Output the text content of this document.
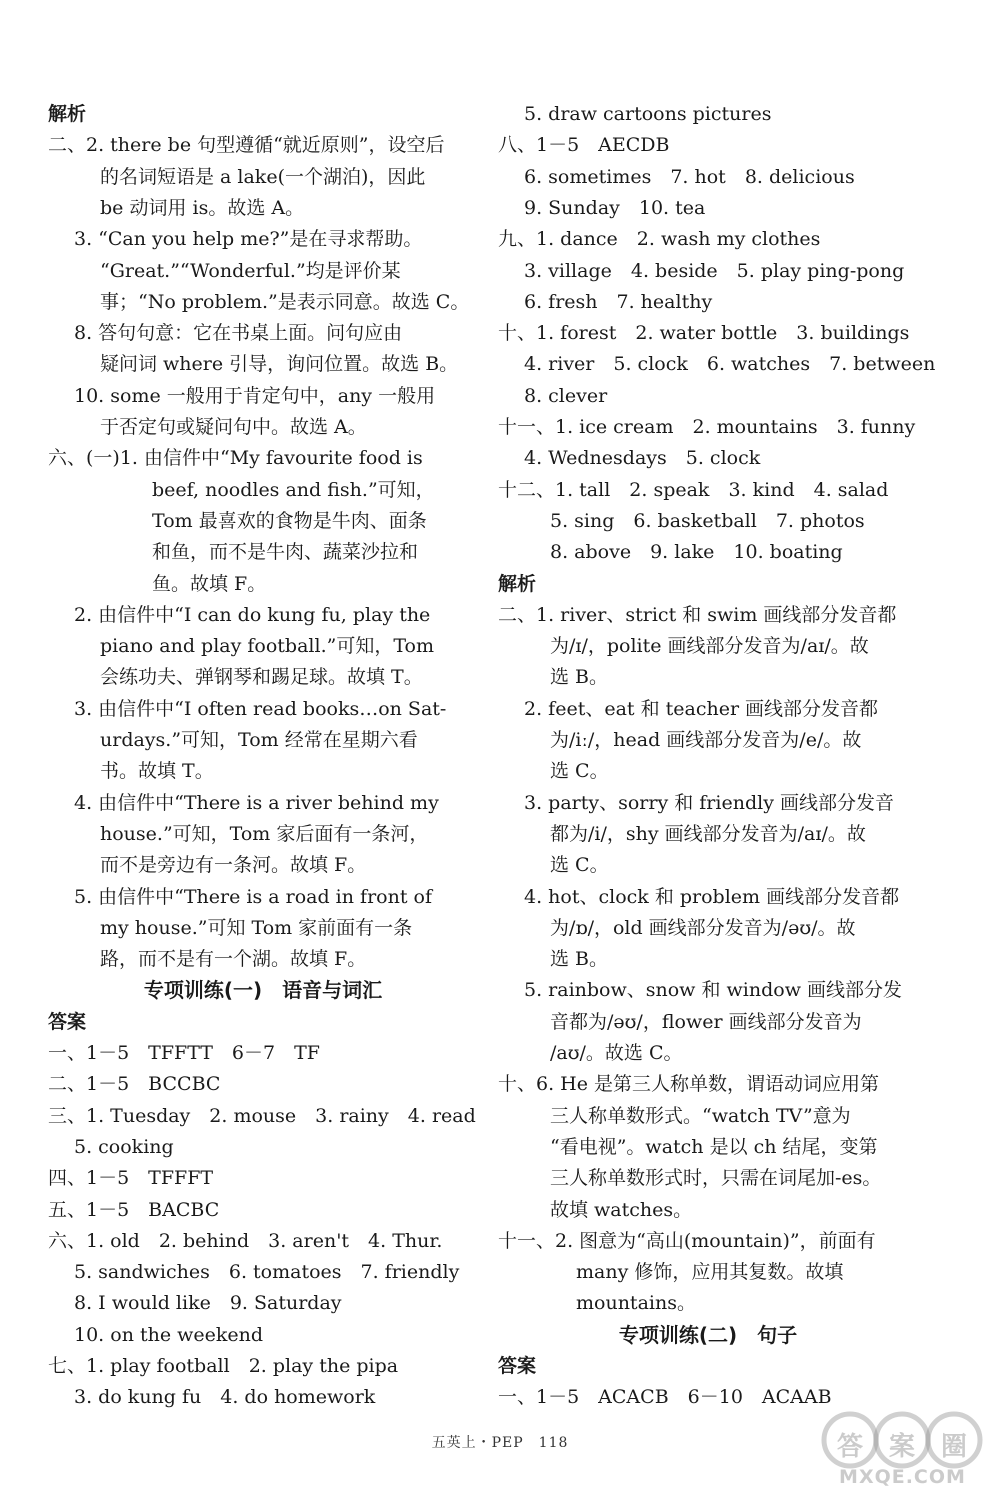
解析
二、2. there be 句型遵循“就近原则”，设空后
的名词短语是 a lake(一个湖泊)，因此
be 动词用 is。故选 A。
3. “Can you help me?”是在寻求帮助。
“Great.”“Wonderful.”均是评价某
事；“No problem.”是表示同意。故选 C。
8. 答句句意：它在书桌上面。问句应由
疑问词 where 引导，询问位置。故选 B。
10. some 一般用于肯定句中，any 一般用
于否定句或疑问句中。故选 A。
六、(一)1. 由信件中“My favourite food is
beef, noodles and fish.”可知，
Tom 最喜欢的食物是牛肉、面条
和鱼，而不是牛肉、蔬菜沙拉和
鱼。故填 F。
2. 由信件中“I can do kung fu, play the
piano and play football.”可知，Tom
会练功夫、弹钢琴和踢足球。故填 T。
3. 由信件中“I often read books…on Sat-
urdays.”可知，Tom 经常在星期六看
书。故填 T。
4. 由信件中“There is a river behind my
house.”可知，Tom 家后面有一条河，
而不是旁边有一条河。故填 F。
5. 由信件中“There is a road in front of
my house.”可知 Tom 家前面有一条
路，而不是有一个湖。故填 F。
专项训练(一)　语音与词汇
答案
一、1－5　TFFTT　6－7　TF
二、1－5　BCCBC
三、1. Tuesday　2. mouse　3. rainy　4. read
5. cooking
四、1－5　TFFFT
五、1－5　BACBC
六、1. old　2. behind　3. aren't　4. Thur.
5. sandwiches　6. tomatoes　7. friendly
8. I would like　9. Saturday
10. on the weekend
七、1. play football　2. play the pipa
3. do kung fu　4. do homework
5. draw cartoons pictures
八、1－5　AECDB
6. sometimes　7. hot　8. delicious
9. Sunday　10. tea
九、1. dance　2. wash my clothes
3. village　4. beside　5. play ping-pong
6. fresh　7. healthy
十、1. forest　2. water bottle　3. buildings
4. river　5. clock　6. watches　7. between
8. clever
十一、1. ice cream　2. mountains　3. funny
4. Wednesdays　5. clock
十二、1. tall　2. speak　3. kind　4. salad
5. sing　6. basketball　7. photos
8. above　9. lake　10. boating
解析
二、1. river、strict 和 swim 画线部分发音都
为/ɪ/，polite 画线部分发音为/aɪ/。故
选 B。
2. feet、eat 和 teacher 画线部分发音都
为/iː/，head 画线部分发音为/e/。故
选 C。
3. party、sorry 和 friendly 画线部分发音
都为/i/，shy 画线部分发音为/aɪ/。故
选 C。
4. hot、clock 和 problem 画线部分发音都
为/ɒ/，old 画线部分发音为/əʊ/。故
选 B。
5. rainbow、snow 和 window 画线部分发
音都为/əʊ/，flower 画线部分发音为
/aʊ/。故选 C。
十、6. He 是第三人称单数，谓语动词应用第
三人称单数形式。“watch TV”意为
“看电视”。watch 是以 ch 结尾，变第
三人称单数形式时，只需在词尾加-es。
故填 watches。
十一、2. 图意为“高山(mountain)”，前面有
many 修饰，应用其复数。故填
mountains。
专项训练(二)　句子
答案
一、1－5　ACACB　6－10　ACAAB
五英上・PEP　118
MXQE.COM
答 案 圈
